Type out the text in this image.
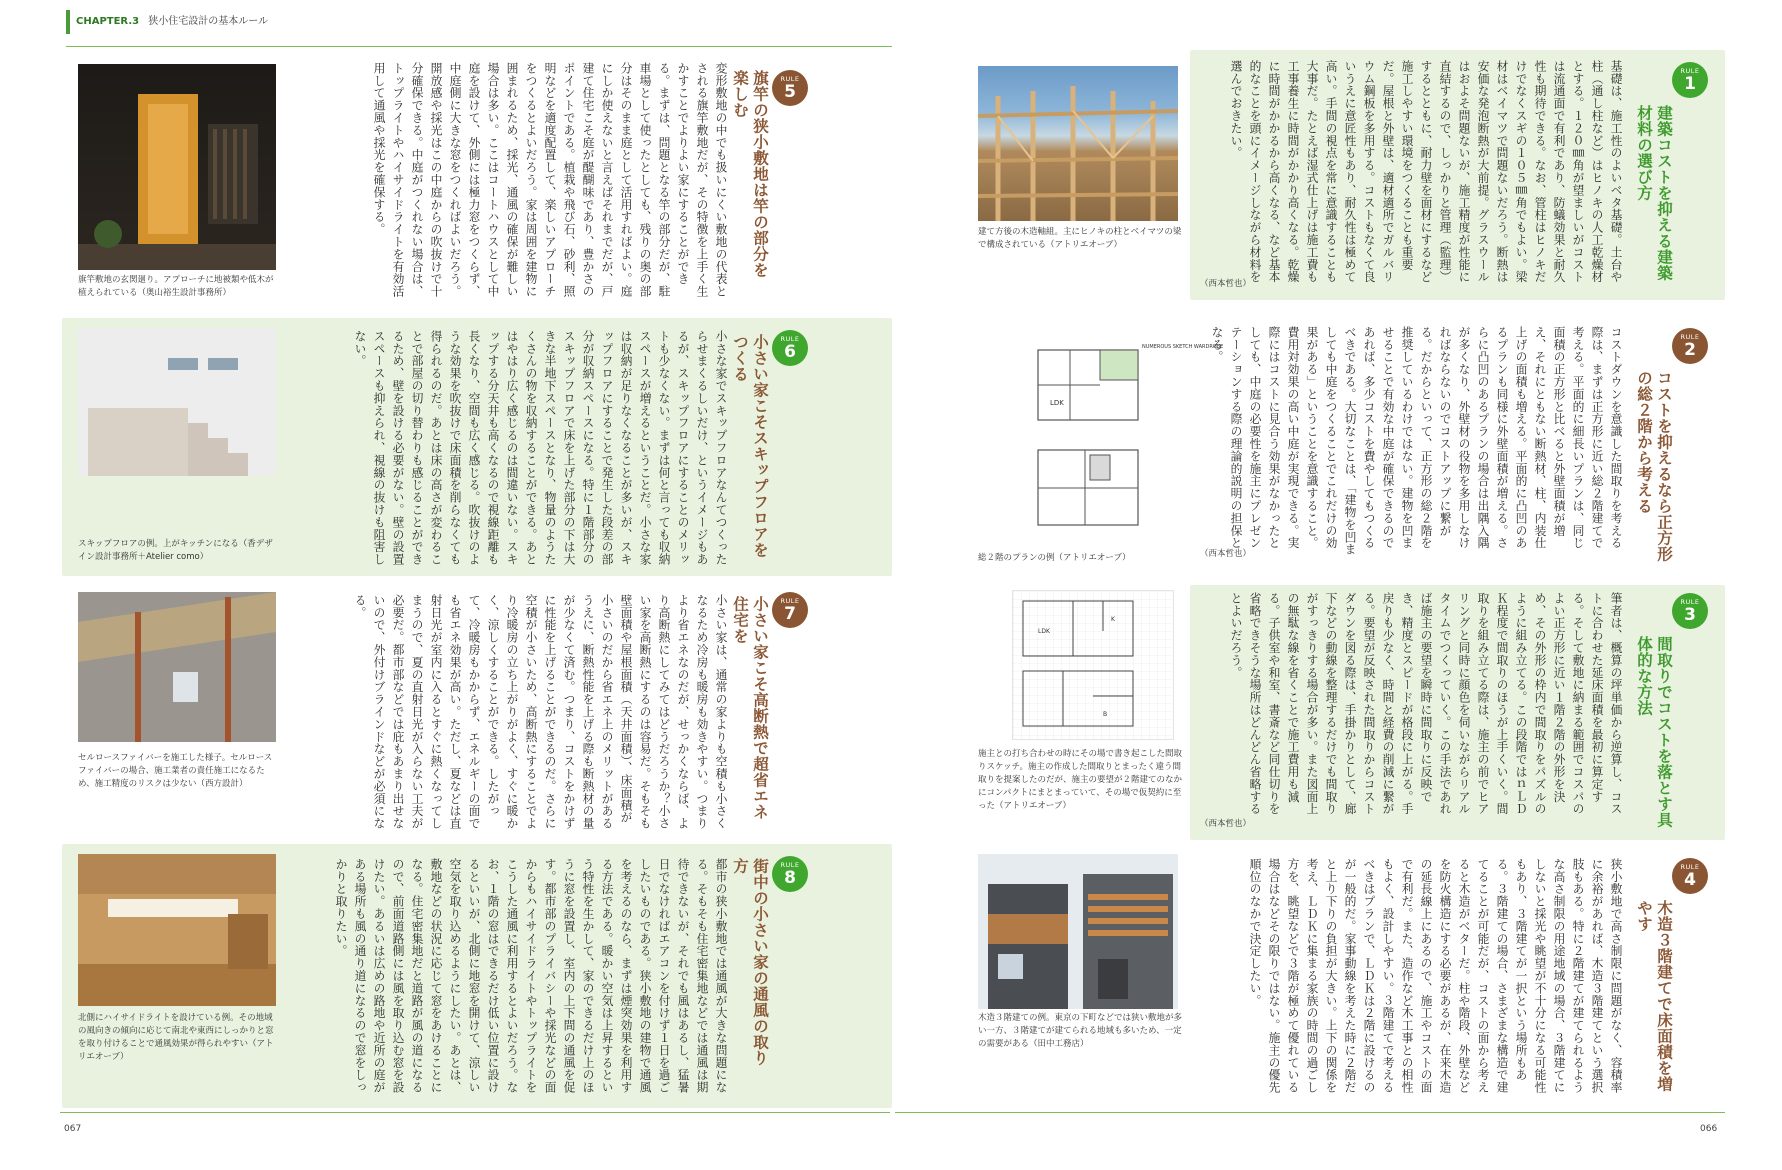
CHAPTER.3 狭小住宅設計の基本ルール
067	066
RULE
1
建築コストを抑える建築材料の選び方
基礎は、施工性のよいベタ基礎。土台や柱（通し柱など）はヒノキの人工乾燥材とする。１２０㎜角が望ましいがコストは流通面で有利であり、防蟻効果と耐久性も期待できる。なお、管柱はヒノキだけでなくスギの１０５㎜角でもよい。梁材はベイマツで問題ないだろう。断熱は安価な発泡断熱が大前提。グラスウールはおよそ問題ないが、施工精度が性能に直結するので、しっかりと管理（監理）するとともに、耐力壁を面材にするなど施工しやすい環境をつくることも重要だ。屋根と外壁は、適材適所でガルバリウム鋼板を多用する。コストもなくて良いうえに意匠性もあり、耐久性は極めて高い。手間の視点を常に意識することも大事だ。たとえば湿式仕上げは施工費も工事養生に時間がかかり高くなる。乾燥に時間がかかるから高くなる、など基本的なことを頭にイメージしながら材料を選んでおきたい。
（西本哲也）
建て方後の木造軸組。主にヒノキの柱とベイマツの梁で構成されている（アトリエオーブ）
RULE
2
コストを抑えるなら正方形の総２階から考える
コストダウンを意識した間取りを考える際は、まずは正方形に近い総２階建てで考える。平面的に細長いプランは、同じ面積の正方形と比べると外壁面積が増え、それにともない断熱材、柱、内装仕上げの面積も増える。平面的に凸凹のあるプランも同様に外壁面積が増える。さらに凸凹のあるプランの場合は出隅入隅が多くなり、外壁材の役物を多用しなければならないのでコストアップに繋がる。だからといって、正方形の総２階を推奨しているわけではない。建物を凹ませることで有効な中庭が確保できるのであれば、多少コストを費やしてもつくるべきである。大切なことは、「建物を凹ましても中庭をつくることでこれだけの効果がある」ということを意識すること。費用対効果の高い中庭が実現できる。実際にはコストに見合う効果がなかったとしても、中庭の必要性を施主にプレゼンテーションする際の理論的説明の担保となる。
（西本哲也）
NUMEROUS SKETCH WARDROBE
LDK
総２階のプランの例（アトリエオーブ）
RULE
3
間取りでコストを落とす具体的な方法
筆者は、概算の坪単価から逆算し、コストに合わせた延床面積を最初に算定する。そして敷地に納まる範囲でコスパのよい正方形に近い１階２階の外形を決め、その外形の枠内で間取りをパズルのように組み立てる。この段階ではｎＬＤＫ程度で間取りのほうが上手くいく。間取りを組み立てる際は、施主の前でヒアリングと同時に顔色を伺いながらリアルタイムでつくっていく。この手法であれば施主の要望を瞬時に間取りに反映でき、精度とスピードが格段に上がる。手戻りも少なく、時間と経費の削減に繋がる。要望が反映された間取りからコストダウンを図る際は、手掛かりとして、廊下などの動線を整理するだけでも間取りがすっきりする場合が多い。また図面上の無駄な線を省くことで施工費用も減る。子供室や和室、書斎など同仕切りを省略できそうな場所はどんどん省略するとよいだろう。
（西本哲也）
LDK
K
B
施主との打ち合わせの時にその場で書き起こした間取りスケッチ。施主の作成した間取りとまったく違う間取りを提案したのだが、施主の要望が２階建てのなかにコンパクトにまとまっていて、その場で仮契約に至った（アトリエオーブ）
RULE
4
木造３階建てで床面積を増やす
狭小敷地で高さ制限に問題がなく、容積率に余裕があれば、木造３階建てという選択肢もある。特に２階建てが建てられるような高さ制限の用途地域の場合、３階建てにしないと採光や眺望が不十分になる可能性もあり、３階建てが一択という場所もある。３階建ての場合、さまざまな構造で建てることが可能だが、コストの面から考えると木造がベターだ。柱や階段、外壁などを防火構造にする必要があるが、在来木造の延長線上にあるので、施工やコストの面で有利だ。また、造作など木工事との相性もよく、設計しやすい。３階建てで考えるべきはプランで、ＬＤＫは２階に設けるのが一般的だ。家事動線を考えた時に２階だと上り下りの負担が大きい。上下の関係を考え、ＬＤＫに集まる家族の時間の過ごし方を、眺望などで３階が極めて優れている場合はなどその限りではない。施主の優先順位のなかで決定したい。
木造３階建ての例。東京の下町などでは狭い敷地が多い一方、３階建てが建てられる地域も多いため、一定の需要がある（田中工務店）
RULE
5
旗竿の狭小敷地は竿の部分を楽しむ
変形敷地の中でも扱いにくい敷地の代表とされる旗竿敷地だが、その特徴を上手く生かすことでよりよい家にすることができる。まずは、問題となる竿の部分だが、駐車場として使ったとしても、残りの奥の部分はそのまま庭として活用すればよい。庭にしか使えないと言えばそれまでだが、戸建て住宅こそ庭が醍醐味であり、豊かさのポイントである。植栽や飛び石、砂利、照明などを適度配置して、楽しいアプローチをつくるとよいだろう。家は周囲を建物に囲まれるため、採光、通風の確保が難しい場合は多い。ここはコートハウスとして中庭を設けて、外側には極力窓をつくらず、中庭側に大きな窓をつくればよいだろう。開放感や採光はこの中庭からの吹抜けで十分確保できる。中庭がつくれない場合は、トップライトやハイサイドライトを有効活用して通風や採光を確保する。
旗竿敷地の玄関廻り。アプローチに地被類や低木が植えられている（奥山裕生設計事務所）
RULE
6
小さい家こそスキップフロアをつくる
小さな家でスキップフロアなんてつくったらせまくるしいだけ、というイメージもあるが、スキップフロアにすることのメリットも少なくない。まずは何と言っても収納スペースが増えるということだ。小さな家は収納が足りなくなることが多いが、スキップフロアにすることで発生した段差の部分が収納スペースになる。特に１階部分のスキップフロアで床を上げた部分の下は大きな半地下スペースとなり、物量のようたくさんの物を収納することができる。あとはやはり広く感じるのは間違いない。スキップする分天井も高くなるので視線距離も長くなり、空間も広く感じる。吹抜けのような効果を吹抜けで床面積を削らなくても得られるのだ。あとは床の高さが変わることで部屋の切り替わりも感じることができるため、壁を設ける必要がない。壁の設置スペースも抑えられ、視線の抜けも阻害しない。
スキップフロアの例。上がキッチンになる（香デザイン設計事務所＋Atelier como）
RULE
7
小さい家こそ高断熱で超省エネ住宅を
小さい家は、通常の家よりも空積も小さくなるため冷房も暖房も効きやすい。つまりより省エネなのだが、せっかくならば、より高断熱にしてみてはどうだろうか？小さい家を高断熱にするのは容易だ。そもそも壁面積や屋根面積（天井面積）、床面積が小さいのだから省エネ上のメリットがあるうえに、断熱性能を上げる際も断熱材の量が少なくて済む。つまり、コストをかけずに性能を上げることができるのだ。さらに空積が小さいため、高断熱にすることでより冷暖房の立ち上がりがよく、すぐに暖かく、涼しくすることができる。したがって、冷暖房もかからず、エネルギーの面でも省エネ効果が高い。ただし、夏などは直射日光が室内に入るとすぐに熱くなってしまうので、夏の直射日光が入らない工夫が必要だ。都市部などでは庇もあまり出せないので、外付けブラインドなどが必須になる。
セルロースファイバーを施工した様子。セルロースファイバーの場合、施工業者の責任施工になるため、施工精度のリスクは少ない（西方設計）
RULE
8
街中の小さい家の通風の取り方
都市の狭小敷地では通風が大きな問題になる。そもそも住宅密集地などでは通風は期待できないが、それでも風はあるし、猛暑日でなければエアコンを付けず１日を過ごしたいものである。狭小敷地の建物で通風を考えるのなら、まずは煙突効果を利用する方法である。暖かい空気は上昇するという特性を生かして、家のできるだけ上のほうに窓を設置し、室内の上下間の通風を促す。都市部のプライバシーや採光などの面からもハイサイドライトやトップライトをこうした通風に利用するとよいだろう。なお、１階の窓はできるだけ低い位置に設けるといいが、北側に地窓を開けて、涼しい空気を取り込めるようにしたい。あとは、敷地などの状況に応じて窓をあけることになる。住宅密集地だと道路が風の道になるので、前面道路側には風を取り込む窓を設けたい。あるいは広めの路地や近所の庭がある場所も風の通り道になるので窓をしっかりと取りたい。
北側にハイサイドライトを設けている例。その地域の風向きの傾向に応じて南北や東西にしっかりと窓を取り付けることで通風効果が得られやすい（アトリエオーブ）
